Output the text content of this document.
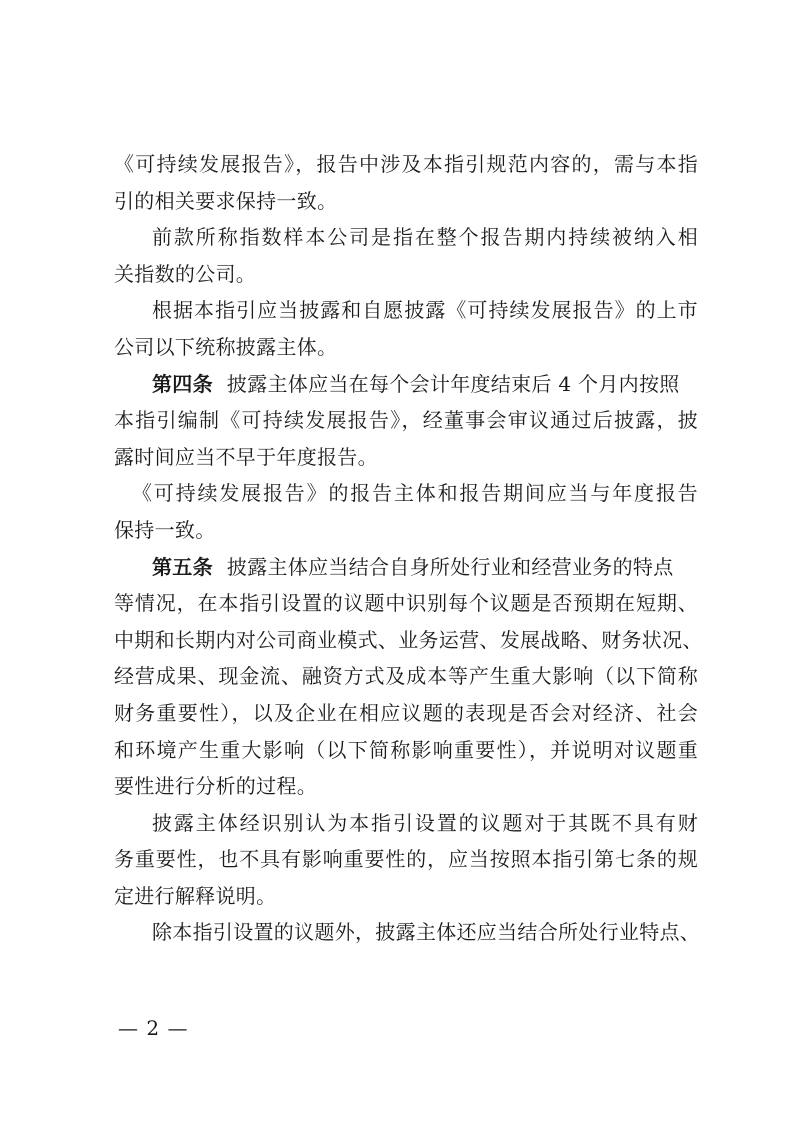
《可持续发展报告》，报告中涉及本指引规范内容的，需与本指
引的相关要求保持一致。
前款所称指数样本公司是指在整个报告期内持续被纳入相
关指数的公司。
根据本指引应当披露和自愿披露《可持续发展报告》的上市
公司以下统称披露主体。
第四条 披露主体应当在每个会计年度结束后 4 个月内按照
本指引编制《可持续发展报告》，经董事会审议通过后披露，披
露时间应当不早于年度报告。
《可持续发展报告》的报告主体和报告期间应当与年度报告
保持一致。
第五条 披露主体应当结合自身所处行业和经营业务的特点
等情况，在本指引设置的议题中识别每个议题是否预期在短期、
中期和长期内对公司商业模式、业务运营、发展战略、财务状况、
经营成果、现金流、融资方式及成本等产生重大影响（以下简称
财务重要性），以及企业在相应议题的表现是否会对经济、社会
和环境产生重大影响（以下简称影响重要性），并说明对议题重
要性进行分析的过程。
披露主体经识别认为本指引设置的议题对于其既不具有财
务重要性，也不具有影响重要性的，应当按照本指引第七条的规
定进行解释说明。
除本指引设置的议题外，披露主体还应当结合所处行业特点、
— 2 —
